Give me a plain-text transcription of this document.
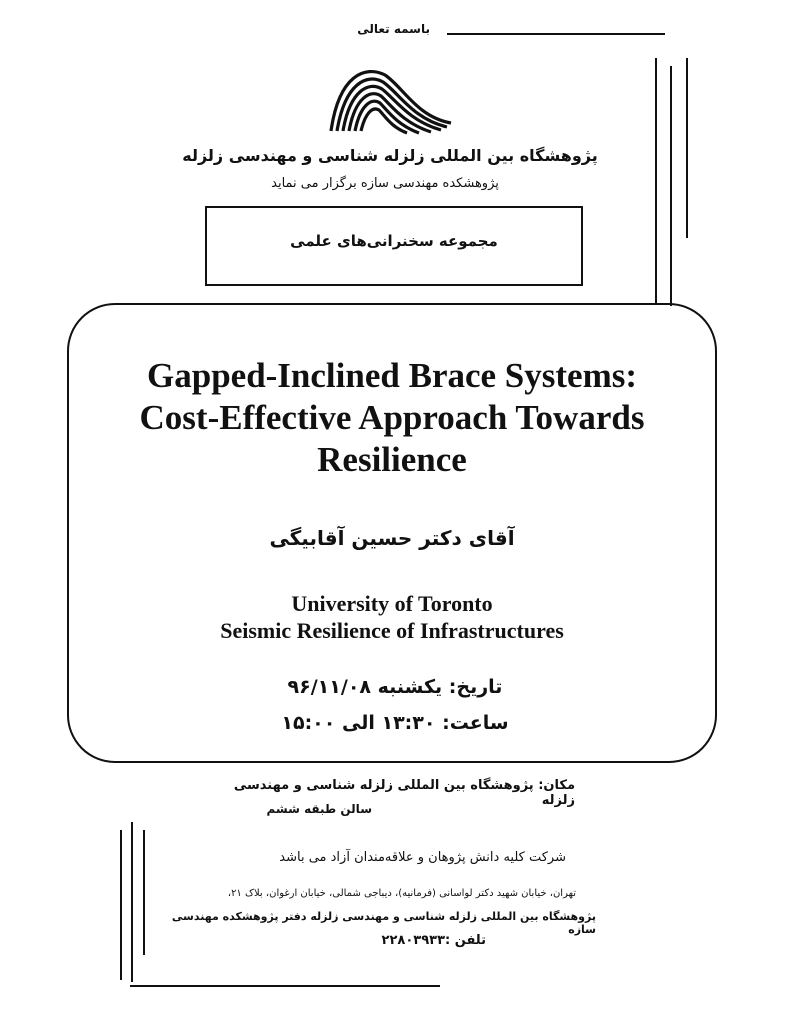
باسمه تعالی
پژوهشگاه بین المللی زلزله شناسی و مهندسی زلزله
پژوهشکده مهندسی سازه برگزار می نماید
مجموعه سخنرانی‌های علمی
Gapped-Inclined Brace Systems:
Cost-Effective Approach Towards
Resilience
آقای دکتر حسین آقابیگی
University of Toronto
Seismic Resilience of Infrastructures
تاریخ: یکشنبه ۹۶/۱۱/۰۸
ساعت: ۱۳:۳۰ الی ۱۵:۰۰
مکان: پژوهشگاه بین المللی زلزله شناسی و مهندسی زلزله
سالن طبقه ششم
شرکت کلیه دانش پژوهان و علاقه‌مندان آزاد می باشد
تهران، خیابان شهید دکتر لواسانی (فرمانیه)، دیباجی شمالی، خیابان ارغوان، بلاک ۲۱،
پژوهشگاه بین المللی زلزله شناسی و مهندسی زلزله دفتر پژوهشکده مهندسی سازه
تلفن :۲۲۸۰۳۹۳۳
